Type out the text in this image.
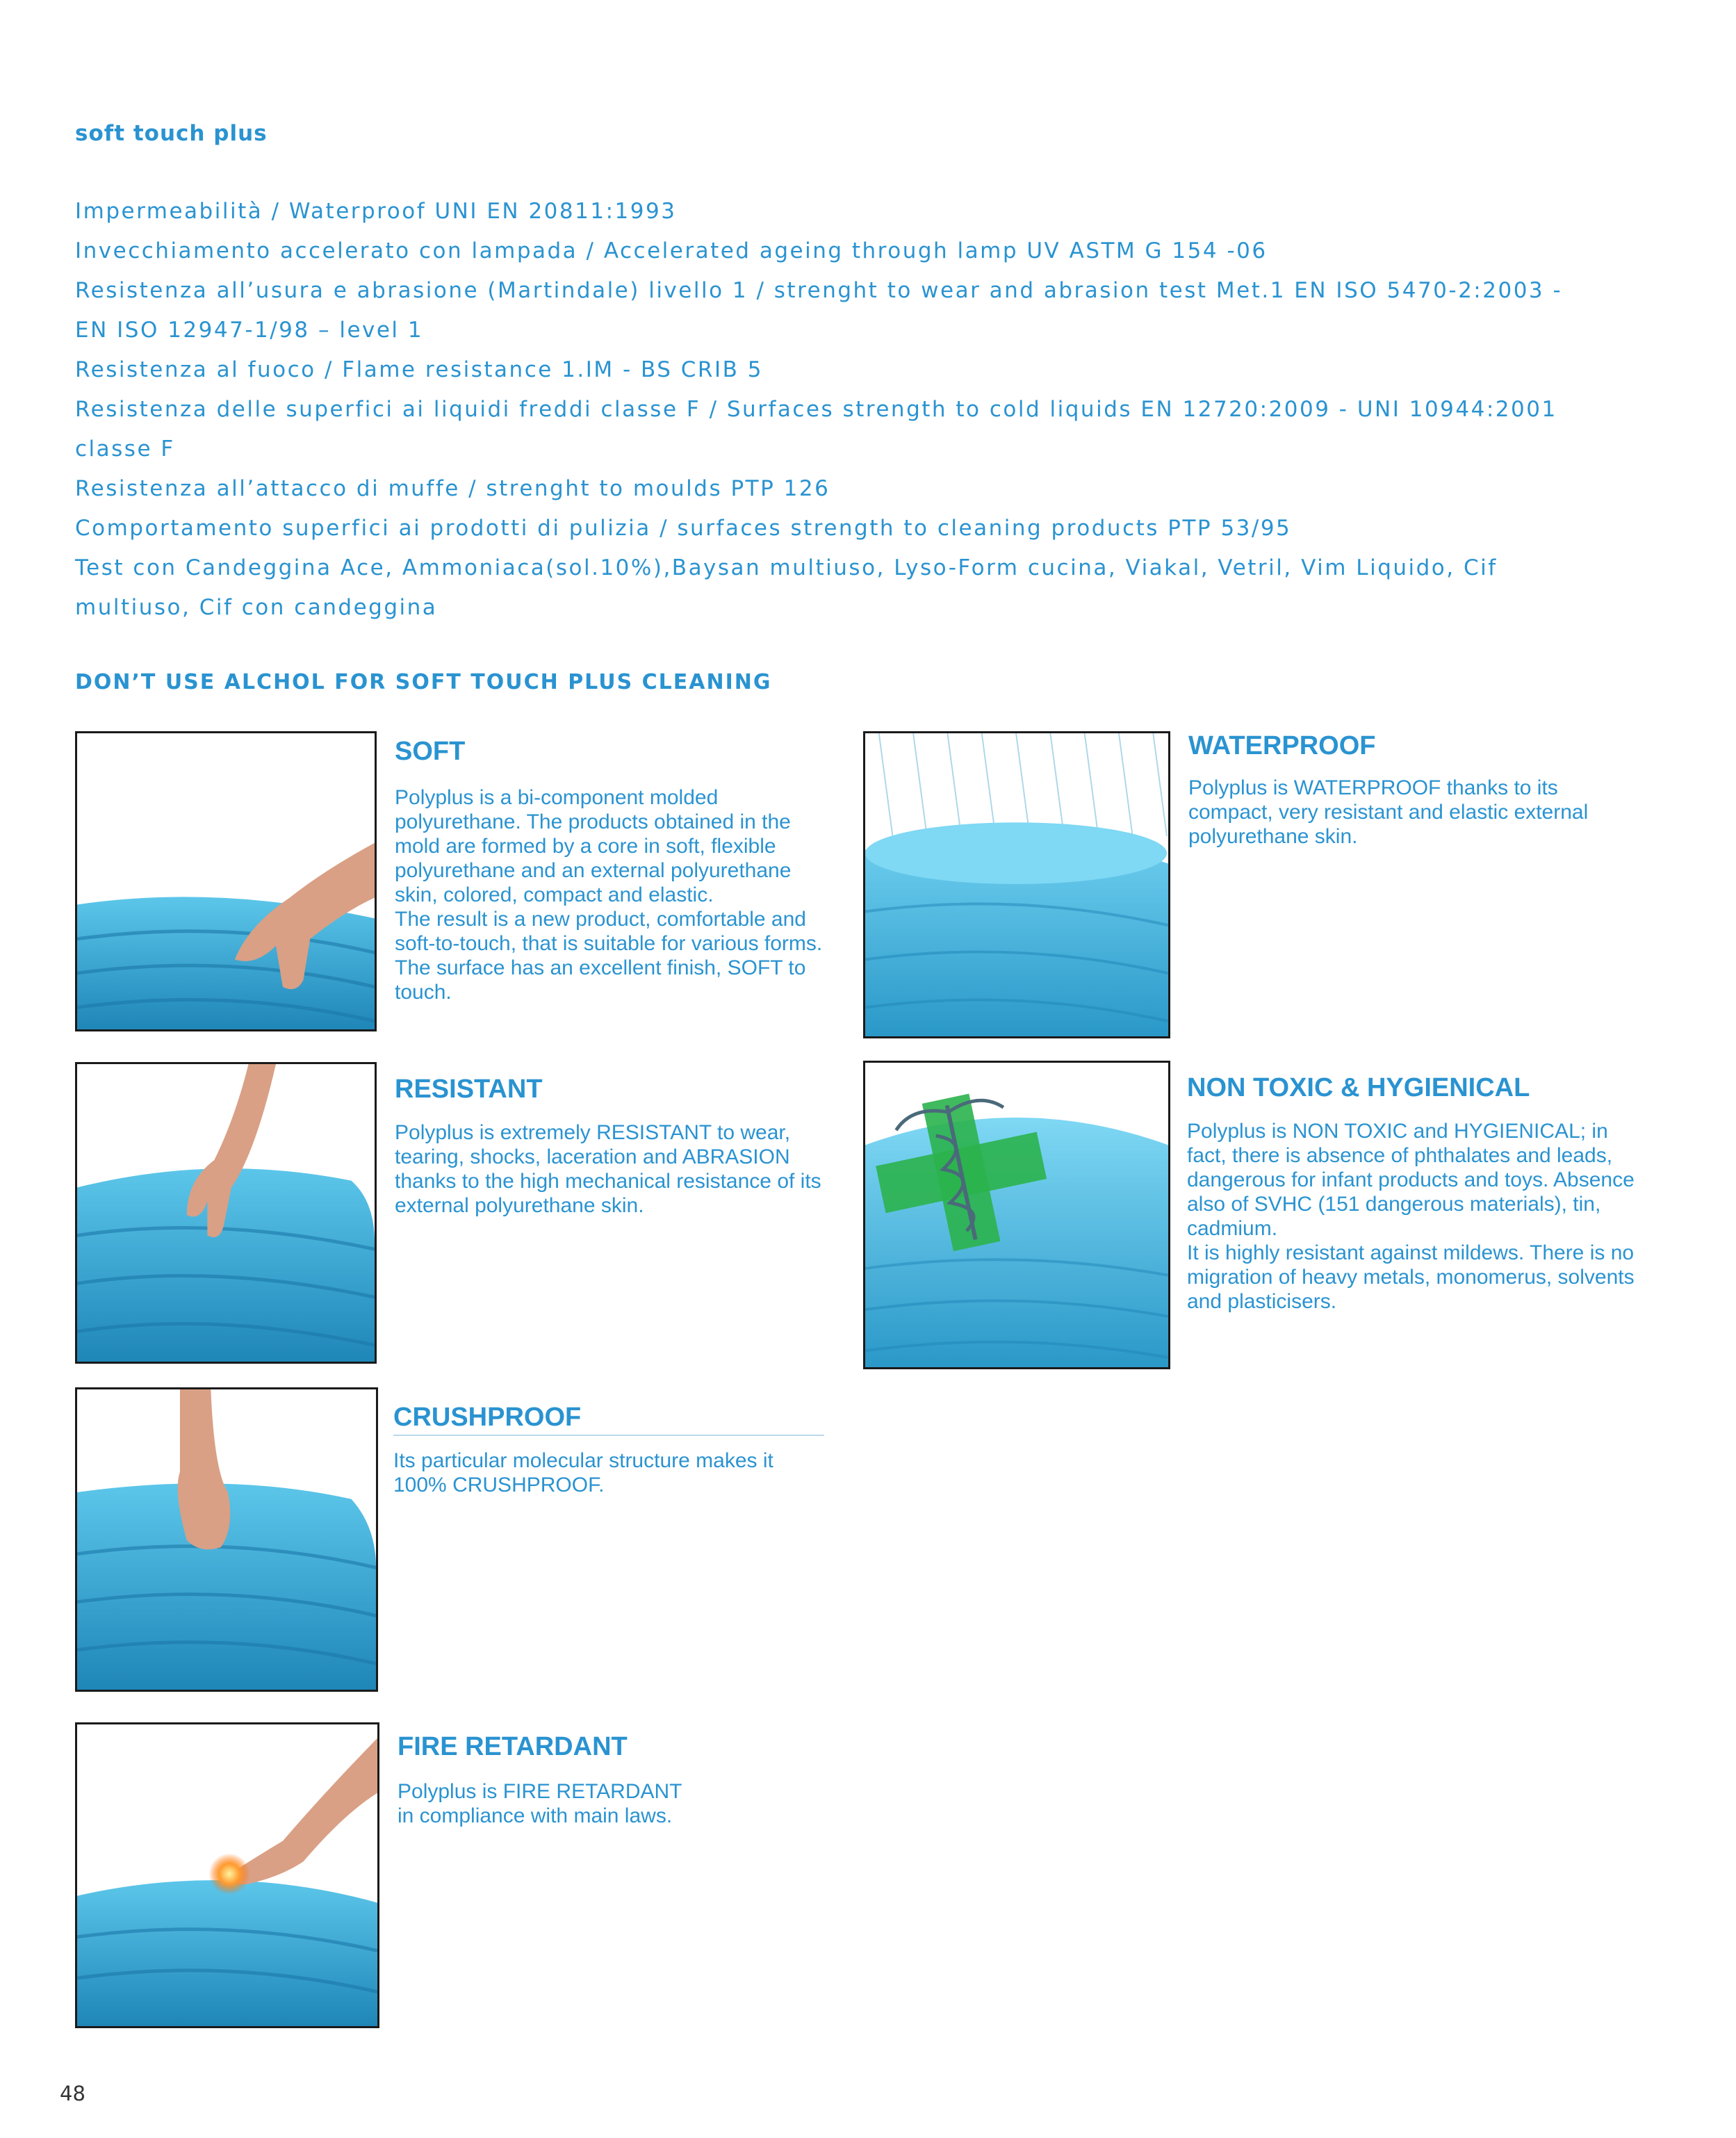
soft touch plus
Impermeabilità / Waterproof UNI EN 20811:1993
Invecchiamento accelerato con lampada / Accelerated ageing through lamp UV ASTM G 154 -06
Resistenza all’usura e abrasione (Martindale) livello 1 / strenght to wear and abrasion test Met.1 EN ISO 5470-2:2003 -
EN ISO 12947-1/98 – level 1
Resistenza al fuoco / Flame resistance 1.IM - BS CRIB 5
Resistenza delle superfici ai liquidi freddi classe F / Surfaces strength to cold liquids EN 12720:2009 - UNI 10944:2001
classe F
Resistenza all’attacco di muffe / strenght to moulds PTP 126
Comportamento superfici ai prodotti di pulizia / surfaces strength to cleaning products PTP 53/95
Test con Candeggina Ace, Ammoniaca(sol.10%),Baysan multiuso, Lyso-Form cucina, Viakal, Vetril, Vim Liquido, Cif
multiuso, Cif con candeggina
DON’T USE ALCHOL FOR SOFT TOUCH PLUS CLEANING
SOFT
Polyplus is a bi-component molded
polyurethane. The products obtained in the
mold are formed by a core in soft, flexible
polyurethane and an external polyurethane
skin, colored, compact and elastic.
The result is a new product, comfortable and
soft-to-touch, that is suitable for various forms.
The surface has an excellent finish, SOFT to
touch.
WATERPROOF
Polyplus is WATERPROOF thanks to its
compact, very resistant and elastic external
polyurethane skin.
RESISTANT
Polyplus is extremely RESISTANT to wear,
tearing, shocks, laceration and ABRASION
thanks to the high mechanical resistance of its
external polyurethane skin.
NON TOXIC & HYGIENICAL
Polyplus is NON TOXIC and HYGIENICAL; in
fact, there is absence of phthalates and leads,
dangerous for infant products and toys. Absence
also of SVHC (151 dangerous materials), tin,
cadmium.
It is highly resistant against mildews. There is no
migration of heavy metals, monomerus, solvents
and plasticisers.
CRUSHPROOF
Its particular molecular structure makes it
100% CRUSHPROOF.
FIRE RETARDANT
Polyplus is FIRE RETARDANT
in compliance with main laws.
48
